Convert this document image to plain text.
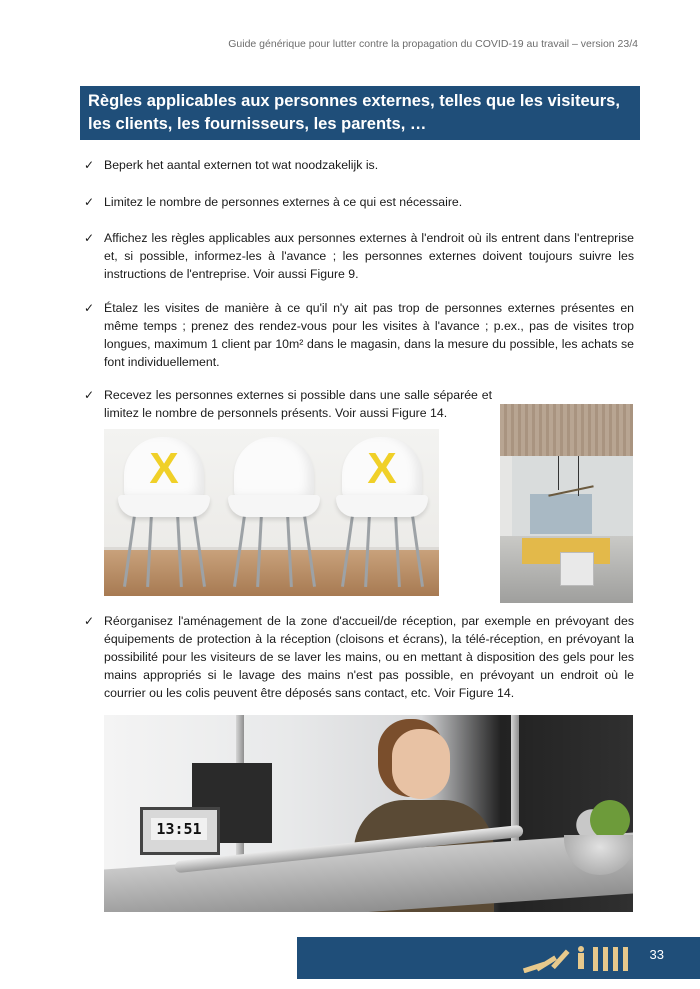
Guide générique pour lutter contre la propagation du COVID-19 au travail – version 23/4
Règles applicables aux personnes externes, telles que les visiteurs, les clients, les fournisseurs, les parents, …
✓ Beperk het aantal externen tot wat noodzakelijk is.
✓ Limitez le nombre de personnes externes à ce qui est nécessaire.
✓ Affichez les règles applicables aux personnes externes à l'endroit où ils entrent dans l'entreprise et, si possible, informez-les à l'avance ; les personnes externes doivent toujours suivre les instructions de l'entreprise. Voir aussi Figure 9.
✓ Étalez les visites de manière à ce qu'il n'y ait pas trop de personnes externes présentes en même temps ; prenez des rendez-vous pour les visites à l'avance ; p.ex., pas de visites trop longues, maximum 1 client par 10m² dans le magasin, dans la mesure du possible, les achats se font individuellement.
✓ Recevez les personnes externes si possible dans une salle séparée et limitez le nombre de personnels présents. Voir aussi Figure 14.
X	X
✓ Réorganisez l'aménagement de la zone d'accueil/de réception, par exemple en prévoyant des équipements de protection à la réception (cloisons et écrans), la télé-réception, en prévoyant la possibilité pour les visiteurs de se laver les mains, ou en mettant à disposition des gels pour les mains appropriés si le lavage des mains n'est pas possible, en prévoyant un endroit où le courrier ou les colis peuvent être déposés sans contact, etc. Voir Figure 14.
13:51
33
